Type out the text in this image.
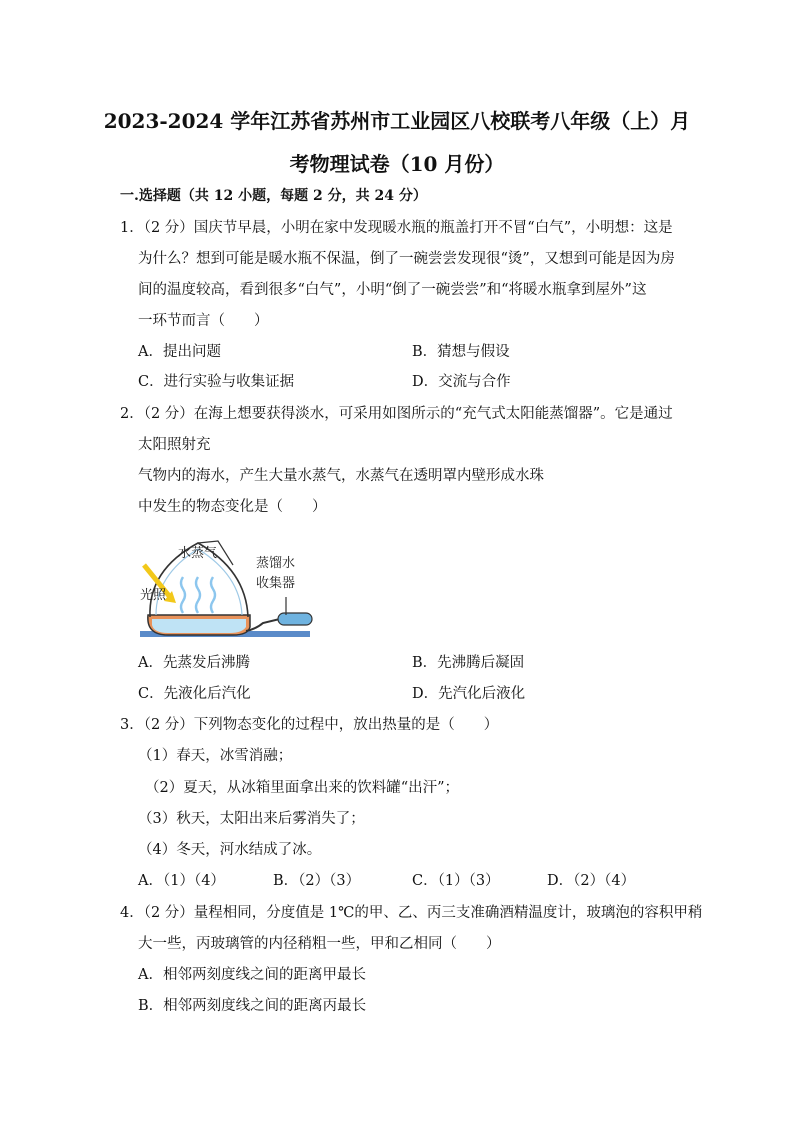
2023-2024 学年江苏省苏州市工业园区八校联考八年级（上）月
考物理试卷（10 月份）
一.选择题（共 12 小题，每题 2 分，共 24 分）
1．（2 分）国庆节早晨，小明在家中发现暖水瓶的瓶盖打开不冒“白气”，小明想：这是
为什么？想到可能是暖水瓶不保温，倒了一碗尝尝发现很“烫”，又想到可能是因为房
间的温度较高，看到很多“白气”，小明“倒了一碗尝尝”和“将暖水瓶拿到屋外”这
一环节而言（　　）
A．提出问题	B．猜想与假设
C．进行实验与收集证据	D．交流与合作
2．（2 分）在海上想要获得淡水，可采用如图所示的“充气式太阳能蒸馏器”。它是通过
太阳照射充
气物内的海水，产生大量水蒸气，水蒸气在透明罩内壁形成水珠
中发生的物态变化是（　　）
水蒸气
光照
蒸馏水
收集器
A．先蒸发后沸腾	B．先沸腾后凝固
C．先液化后汽化	D．先汽化后液化
3．（2 分）下列物态变化的过程中，放出热量的是（　　）
（1）春天，冰雪消融；
（2）夏天，从冰箱里面拿出来的饮料罐“出汗”；
（3）秋天，太阳出来后雾消失了；
（4）冬天，河水结成了冰。
A．（1）（4）	B．（2）（3）	C．（1）（3）	D．（2）（4）
4．（2 分）量程相同，分度值是 1℃的甲、乙、丙三支准确酒精温度计，玻璃泡的容积甲稍
大一些，丙玻璃管的内径稍粗一些，甲和乙相同（　　）
A．相邻两刻度线之间的距离甲最长
B．相邻两刻度线之间的距离丙最长
